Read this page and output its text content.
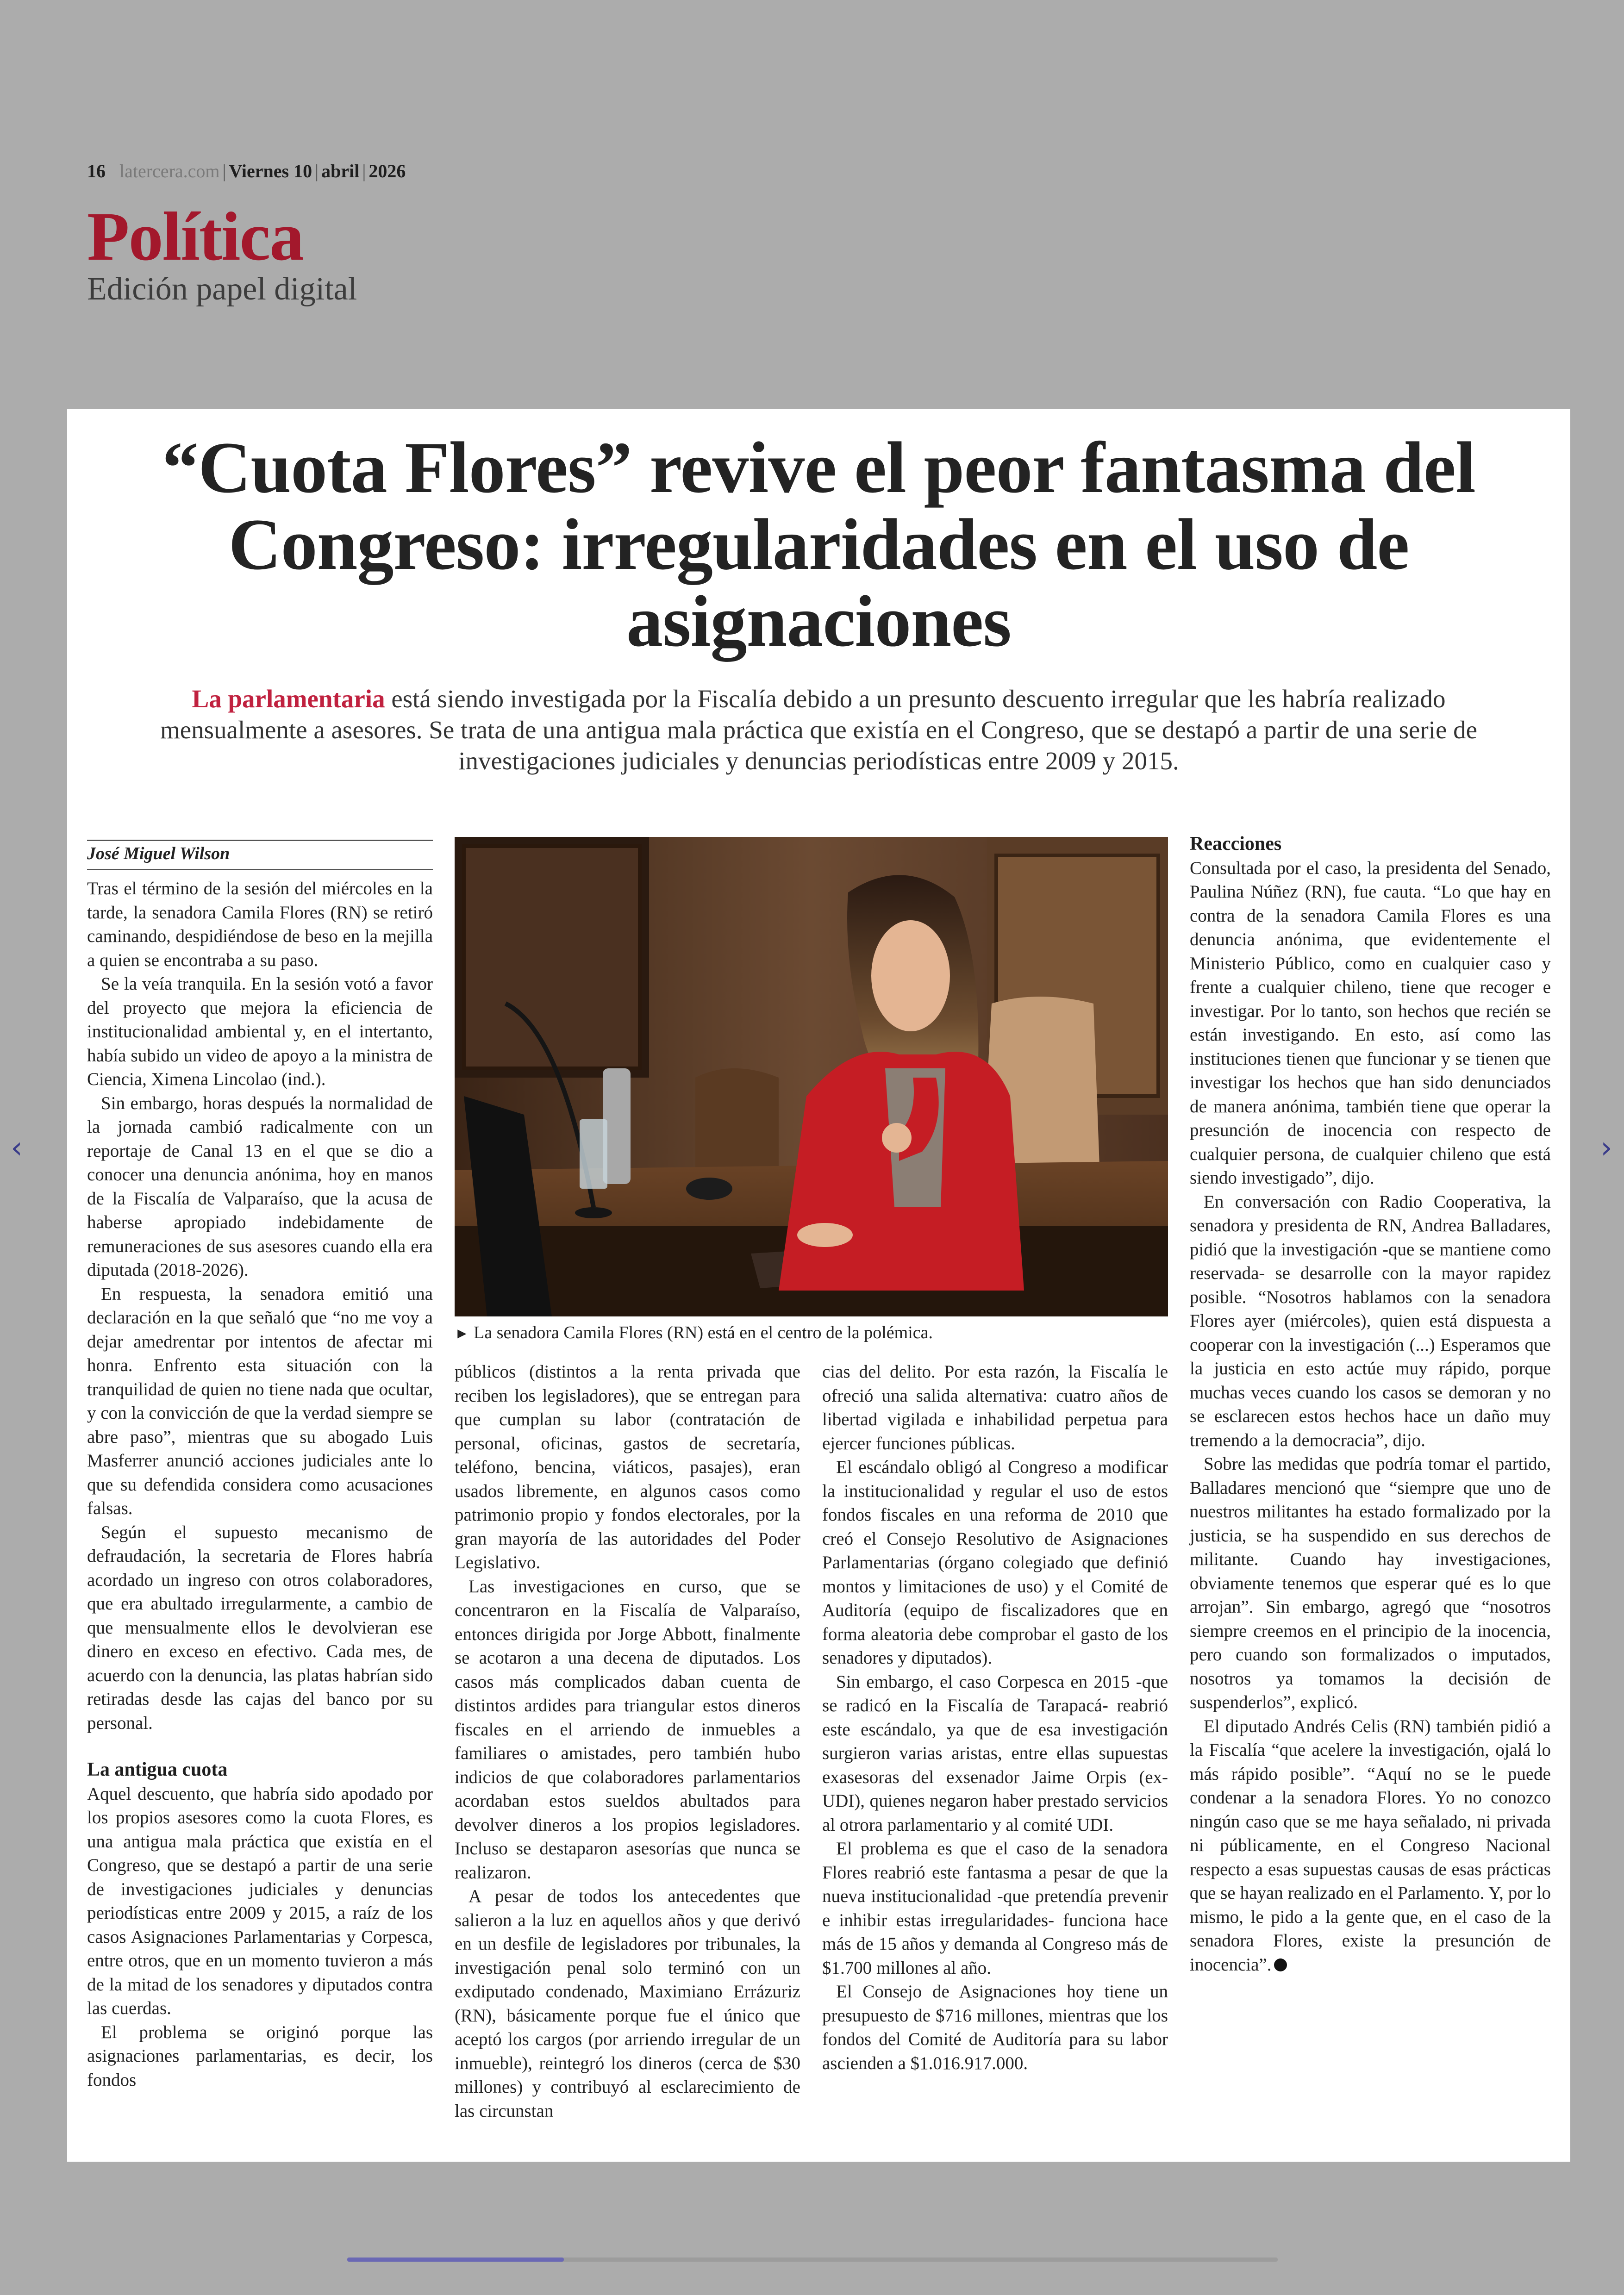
16 latercera.com | Viernes 10 | abril | 2026
Política
Edición papel digital
‹	›
“Cuota Flores” revive el peor fantasma del Congreso: irregularidades en el uso de asignaciones

La parlamentaria está siendo investigada por la Fiscalía debido a un presunto descuento irregular que les habría realizado mensualmente a asesores. Se trata de una antigua mala práctica que existía en el Congreso, que se destapó a partir de una serie de investigaciones judiciales y denuncias periodísticas entre 2009 y 2015.

José Miguel Wilson

Tras el término de la sesión del miércoles en la tarde, la senadora Camila Flores (RN) se retiró caminando, despidiéndose de beso en la mejilla a quien se encontraba a su paso.

Se la veía tranquila. En la sesión votó a favor del proyecto que mejora la eficiencia de institucionalidad ambiental y, en el intertanto, había subido un video de apoyo a la ministra de Ciencia, Ximena Lincolao (ind.).

Sin embargo, horas después la normalidad de la jornada cambió radicalmente con un reportaje de Canal 13 en el que se dio a conocer una denuncia anónima, hoy en manos de la Fiscalía de Valparaíso, que la acusa de haberse apropiado indebidamente de remuneraciones de sus asesores cuando ella era diputada (2018-2026).

En respuesta, la senadora emitió una declaración en la que señaló que “no me voy a dejar amedrentar por intentos de afectar mi honra. Enfrento esta situación con la tranquilidad de quien no tiene nada que ocultar, y con la convicción de que la verdad siempre se abre paso”, mientras que su abogado Luis Masferrer anunció acciones judiciales ante lo que su defendida considera como acusaciones falsas.

Según el supuesto mecanismo de defraudación, la secretaria de Flores habría acordado un ingreso con otros colaboradores, que era abultado irregularmente, a cambio de que mensualmente ellos le devolvieran ese dinero en exceso en efectivo. Cada mes, de acuerdo con la denuncia, las platas habrían sido retiradas desde las cajas del banco por su personal.

La antigua cuota

Aquel descuento, que habría sido apodado por los propios asesores como la cuota Flores, es una antigua mala práctica que existía en el Congreso, que se destapó a partir de una serie de investigaciones judiciales y denuncias periodísticas entre 2009 y 2015, a raíz de los casos Asignaciones Parlamentarias y Corpesca, entre otros, que en un momento tuvieron a más de la mitad de los senadores y diputados contra las cuerdas.

El problema se originó porque las asignaciones parlamentarias, es decir, los fondos

► La senadora Camila Flores (RN) está en el centro de la polémica.

públicos (distintos a la renta privada que reciben los legisladores), que se entregan para que cumplan su labor (contratación de personal, oficinas, gastos de secretaría, teléfono, bencina, viáticos, pasajes), eran usados libremente, en algunos casos como patrimonio propio y fondos electorales, por la gran mayoría de las autoridades del Poder Legislativo.

Las investigaciones en curso, que se concentraron en la Fiscalía de Valparaíso, entonces dirigida por Jorge Abbott, finalmente se acotaron a una decena de diputados. Los casos más complicados daban cuenta de distintos ardides para triangular estos dineros fiscales en el arriendo de inmuebles a familiares o amistades, pero también hubo indicios de que colaboradores parlamentarios acordaban estos sueldos abultados para devolver dineros a los propios legisladores. Incluso se destaparon asesorías que nunca se realizaron.

A pesar de todos los antecedentes que salieron a la luz en aquellos años y que derivó en un desfile de legisladores por tribunales, la investigación penal solo terminó con un exdiputado condenado, Maximiano Errázuriz (RN), básicamente porque fue el único que aceptó los cargos (por arriendo irregular de un inmueble), reintegró los dineros (cerca de $30 millones) y contribuyó al esclarecimiento de las circunstan

cias del delito. Por esta razón, la Fiscalía le ofreció una salida alternativa: cuatro años de libertad vigilada e inhabilidad perpetua para ejercer funciones públicas.

El escándalo obligó al Congreso a modificar la institucionalidad y regular el uso de estos fondos fiscales en una reforma de 2010 que creó el Consejo Resolutivo de Asignaciones Parlamentarias (órgano colegiado que definió montos y limitaciones de uso) y el Comité de Auditoría (equipo de fiscalizadores que en forma aleatoria debe comprobar el gasto de los senadores y diputados).

Sin embargo, el caso Corpesca en 2015 -que se radicó en la Fiscalía de Tarapacá- reabrió este escándalo, ya que de esa investigación surgieron varias aristas, entre ellas supuestas exasesoras del exsenador Jaime Orpis (ex-UDI), quienes negaron haber prestado servicios al otrora parlamentario y al comité UDI.

El problema es que el caso de la senadora Flores reabrió este fantasma a pesar de que la nueva institucionalidad -que pretendía prevenir e inhibir estas irregularidades- funciona hace más de 15 años y demanda al Congreso más de $1.700 millones al año.

El Consejo de Asignaciones hoy tiene un presupuesto de $716 millones, mientras que los fondos del Comité de Auditoría para su labor ascienden a $1.016.917.000.

Reacciones

Consultada por el caso, la presidenta del Senado, Paulina Núñez (RN), fue cauta. “Lo que hay en contra de la senadora Camila Flores es una denuncia anónima, que evidentemente el Ministerio Público, como en cualquier caso y frente a cualquier chileno, tiene que recoger e investigar. Por lo tanto, son hechos que recién se están investigando. En esto, así como las instituciones tienen que funcionar y se tienen que investigar los hechos que han sido denunciados de manera anónima, también tiene que operar la presunción de inocencia con respecto de cualquier persona, de cualquier chileno que está siendo investigado”, dijo.

En conversación con Radio Cooperativa, la senadora y presidenta de RN, Andrea Balladares, pidió que la investigación -que se mantiene como reservada- se desarrolle con la mayor rapidez posible. “Nosotros hablamos con la senadora Flores ayer (miércoles), quien está dispuesta a cooperar con la investigación (...) Esperamos que la justicia en esto actúe muy rápido, porque muchas veces cuando los casos se demoran y no se esclarecen estos hechos hace un daño muy tremendo a la democracia”, dijo.

Sobre las medidas que podría tomar el partido, Balladares mencionó que “siempre que uno de nuestros militantes ha estado formalizado por la justicia, se ha suspendido en sus derechos de militante. Cuando hay investigaciones, obviamente tenemos que esperar qué es lo que arrojan”. Sin embargo, agregó que “nosotros siempre creemos en el principio de la inocencia, pero cuando son formalizados o imputados, nosotros ya tomamos la decisión de suspenderlos”, explicó.

El diputado Andrés Celis (RN) también pidió a la Fiscalía “que acelere la investigación, ojalá lo más rápido posible”. “Aquí no se le puede condenar a la senadora Flores. Yo no conozco ningún caso que se me haya señalado, ni privada ni públicamente, en el Congreso Nacional respecto a esas supuestas causas de esas prácticas que se hayan realizado en el Parlamento. Y, por lo mismo, le pido a la gente que, en el caso de la senadora Flores, existe la presunción de inocencia”.
